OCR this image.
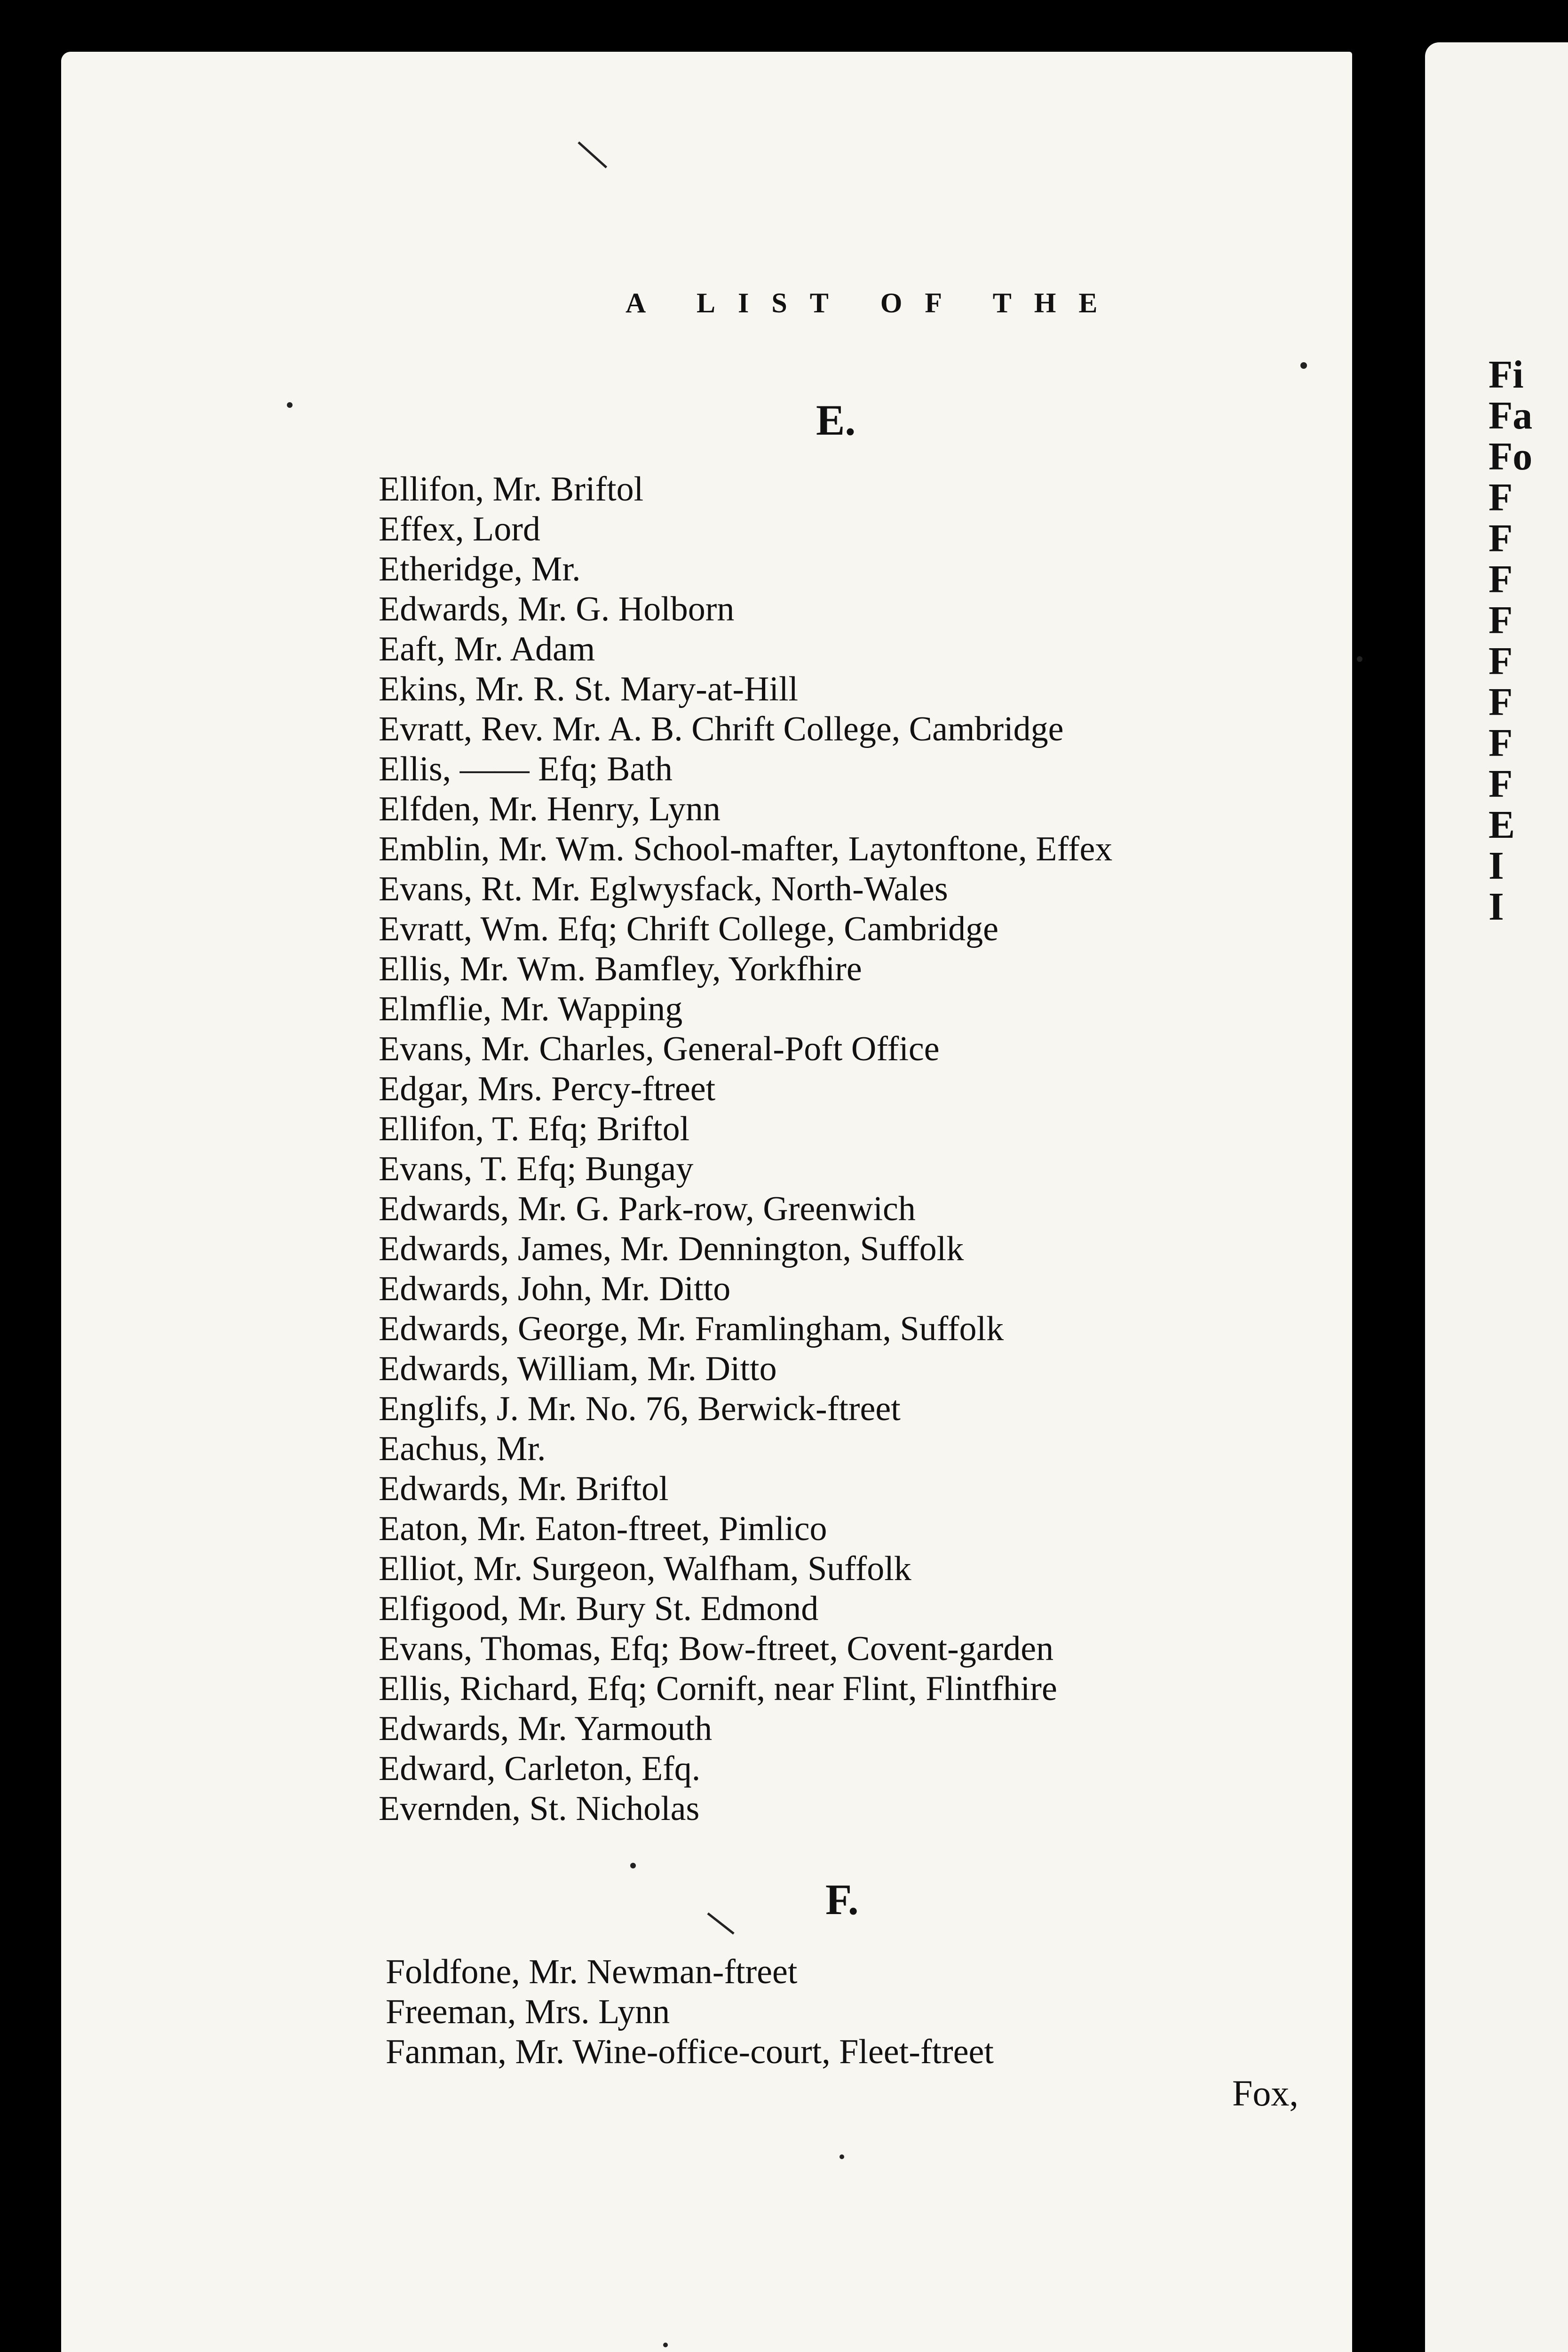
Fi

Fa

Fo

F

F

F

F

F

F

F

F

E

I

I

A LIST OF THE

E.
Ellifon, Mr. Briftol
Effex, Lord
Etheridge, Mr.
Edwards, Mr. G. Holborn
Eaft, Mr. Adam
Ekins, Mr. R. St. Mary-at-Hill
Evratt, Rev. Mr. A. B. Chrift College, Cambridge
Ellis, —— Efq; Bath
Elfden, Mr. Henry, Lynn
Emblin, Mr. Wm. School-mafter, Laytonftone, Effex
Evans, Rt. Mr. Eglwysfack, North-Wales
Evratt, Wm. Efq; Chrift College, Cambridge
Ellis, Mr. Wm. Bamfley, Yorkfhire
Elmflie, Mr. Wapping
Evans, Mr. Charles, General-Poft Office
Edgar, Mrs. Percy-ftreet
Ellifon, T. Efq; Briftol
Evans, T. Efq; Bungay
Edwards, Mr. G. Park-row, Greenwich
Edwards, James, Mr. Dennington, Suffolk
Edwards, John, Mr. Ditto
Edwards, George, Mr. Framlingham, Suffolk
Edwards, William, Mr. Ditto
Englifs, J. Mr. No. 76, Berwick-ftreet
Eachus, Mr.
Edwards, Mr. Briftol
Eaton, Mr. Eaton-ftreet, Pimlico
Elliot, Mr. Surgeon, Walfham, Suffolk
Elfigood, Mr. Bury St. Edmond
Evans, Thomas, Efq; Bow-ftreet, Covent-garden
Ellis, Richard, Efq; Cornift, near Flint, Flintfhire
Edwards, Mr. Yarmouth
Edward, Carleton, Efq.
Evernden, St. Nicholas
F.
Foldfone, Mr. Newman-ftreet
Freeman, Mrs. Lynn
Fanman, Mr. Wine-office-court, Fleet-ftreet

Fox,
